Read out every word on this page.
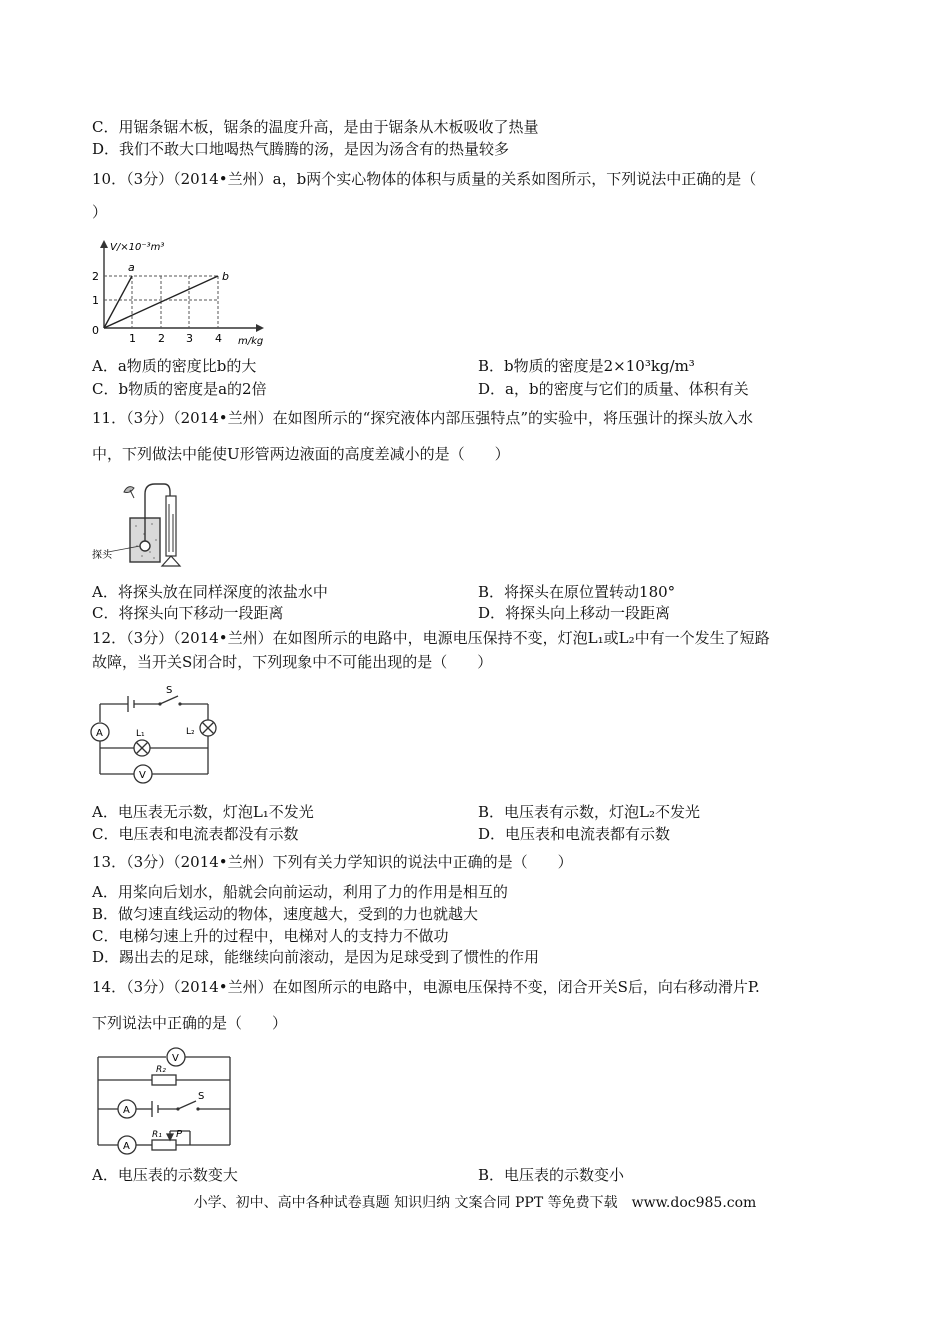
C．用锯条锯木板，锯条的温度升高，是由于锯条从木板吸收了热量
D．我们不敢大口地喝热气腾腾的汤，是因为汤含有的热量较多
10．（3分）（2014•兰州）a，b两个实心物体的体积与质量的关系如图所示，下列说法中正确的是（
）
V/×10⁻³m³
m/kg
2
1
0
1 2 3 4
a
b
A．a物质的密度比b的大	B．b物质的密度是2×10³kg/m³
C．b物质的密度是a的2倍	D．a，b的密度与它们的质量、体积有关
11．（3分）（2014•兰州）在如图所示的“探究液体内部压强特点”的实验中，将压强计的探头放入水
中，下列做法中能使U形管两边液面的高度差减小的是（　　）
探头
A．将探头放在同样深度的浓盐水中	B．将探头在原位置转动180°
C．将探头向下移动一段距离	D．将探头向上移动一段距离
12．（3分）（2014•兰州）在如图所示的电路中，电源电压保持不变，灯泡L₁或L₂中有一个发生了短路
故障，当开关S闭合时，下列现象中不可能出现的是（　　）
A
V
S
L₁	L₂
A．电压表无示数，灯泡L₁不发光	B．电压表有示数，灯泡L₂不发光
C．电压表和电流表都没有示数	D．电压表和电流表都有示数
13．（3分）（2014•兰州）下列有关力学知识的说法中正确的是（　　）
A．用桨向后划水，船就会向前运动，利用了力的作用是相互的
B．做匀速直线运动的物体，速度越大，受到的力也就越大
C．电梯匀速上升的过程中，电梯对人的支持力不做功
D．踢出去的足球，能继续向前滚动，是因为足球受到了惯性的作用
14．（3分）（2014•兰州）在如图所示的电路中，电源电压保持不变，闭合开关S后，向右移动滑片P.
下列说法中正确的是（　　）
V
R₂
A
A
S
R₁ P
A．电压表的示数变大	B．电压表的示数变小
小学、初中、高中各种试卷真题 知识归纳 文案合同 PPT 等免费下载　www.doc985.com
